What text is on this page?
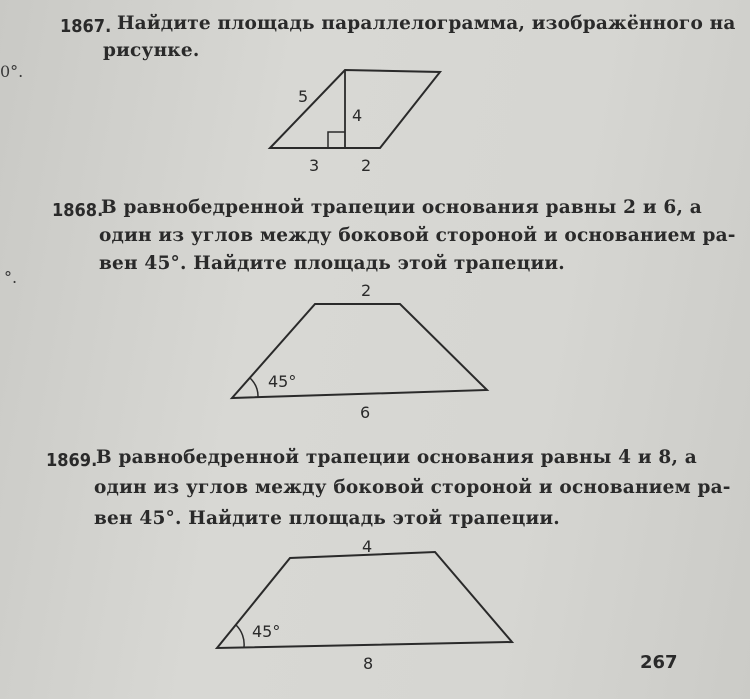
0°.
°.
1867. Найдите площадь параллелограмма, изображённого на
рисунке.
5
4
3	2
1868.
В равнобедренной трапеции основания равны 2 и 6, а
один из углов между боковой стороной и основанием ра-
вен 45°. Найдите площадь этой трапеции.
2
6
45°
1869.
В равнобедренной трапеции основания равны 4 и 8, а
один из углов между боковой стороной и основанием ра-
вен 45°. Найдите площадь этой трапеции.
4
8
45°
267
